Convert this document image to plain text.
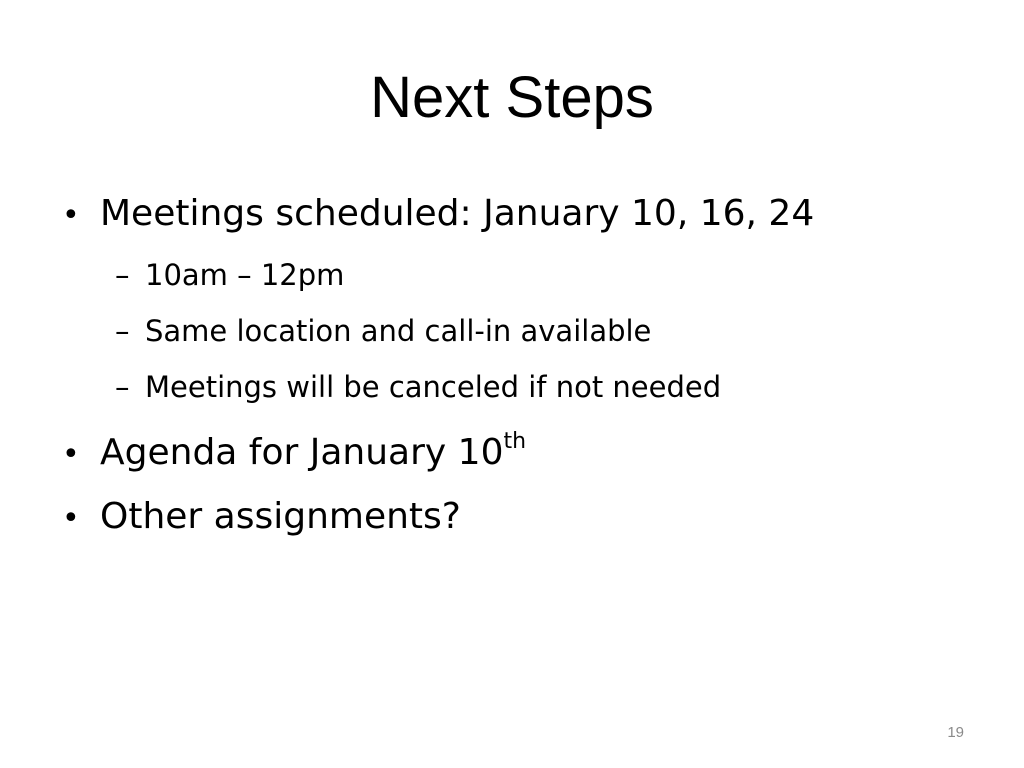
Next Steps
• Meetings scheduled: January 10, 16, 24
– 10am – 12pm
– Same location and call-in available
– Meetings will be canceled if not needed
• Agenda for January 10th
• Other assignments?
19
